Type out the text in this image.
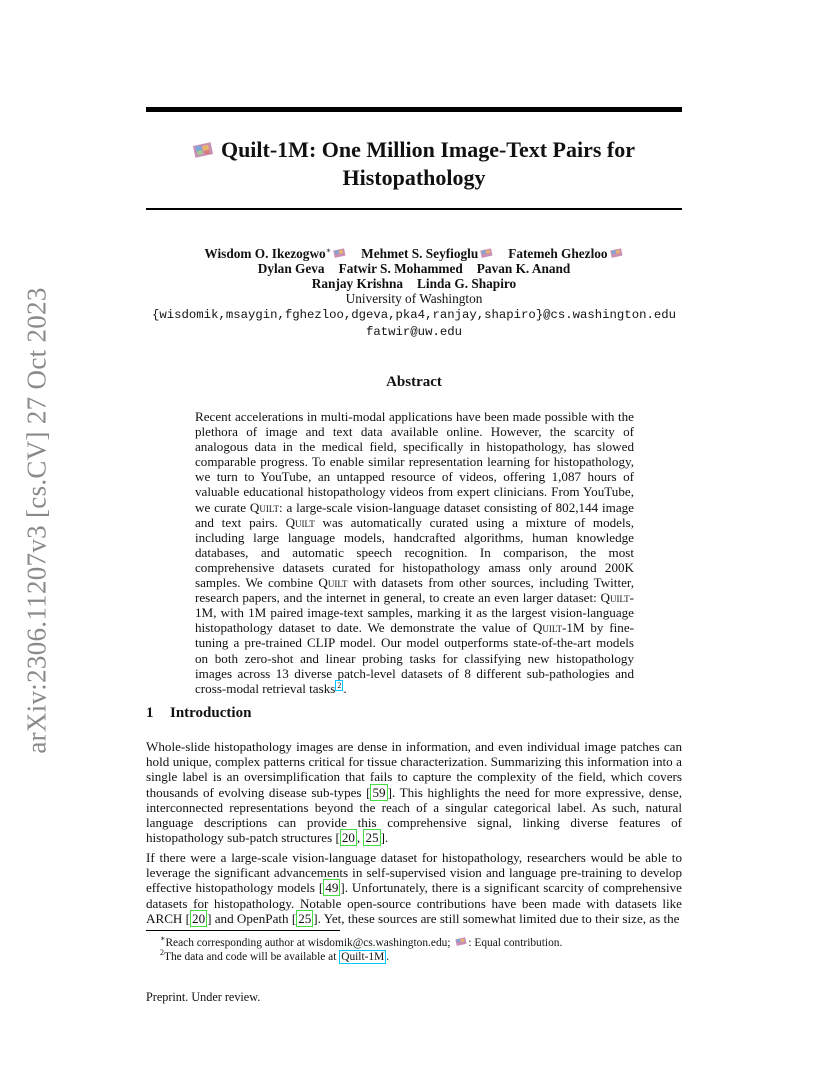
arXiv:2306.11207v3 [cs.CV] 27 Oct 2023
Quilt-1M: One Million Image-Text Pairs for
Histopathology
Wisdom O. Ikezogwo∗ Mehmet S. Seyfioglu Fatemeh Ghezloo
Dylan Geva Fatwir S. Mohammed Pavan K. Anand
Ranjay Krishna Linda G. Shapiro
University of Washington
{wisdomik,msaygin,fghezloo,dgeva,pka4,ranjay,shapiro}@cs.washington.edu
fatwir@uw.edu
Abstract
Recent accelerations in multi-modal applications have been made possible with the plethora of image and text data available online. However, the scarcity of analogous data in the medical field, specifically in histopathology, has slowed comparable progress. To enable similar representation learning for histopathology, we turn to YouTube, an untapped resource of videos, offering 1,087 hours of valuable educational histopathology videos from expert clinicians. From YouTube, we curate Quilt: a large-scale vision-language dataset consisting of 802,144 image and text pairs. Quilt was automatically curated using a mixture of models, including large language models, handcrafted algorithms, human knowledge databases, and automatic speech recognition. In comparison, the most comprehensive datasets curated for histopathology amass only around 200K samples. We combine Quilt with datasets from other sources, including Twitter, research papers, and the internet in general, to create an even larger dataset: Quilt-1M, with 1M paired image-text samples, marking it as the largest vision-language histopathology dataset to date. We demonstrate the value of Quilt-1M by fine-tuning a pre-trained CLIP model. Our model outperforms state-of-the-art models on both zero-shot and linear probing tasks for classifying new histopathology images across 13 diverse patch-level datasets of 8 different sub-pathologies and cross-modal retrieval tasks $^2$ .
1 Introduction
Whole-slide histopathology images are dense in information, and even individual image patches can hold unique, complex patterns critical for tissue characterization. Summarizing this information into a single label is an oversimplification that fails to capture the complexity of the field, which covers thousands of evolving disease sub-types [ 59 ]. This highlights the need for more expressive, dense, interconnected representations beyond the reach of a singular categorical label. As such, natural language descriptions can provide this comprehensive signal, linking diverse features of histopathology sub-patch structures [ 20 , 25 ].
If there were a large-scale vision-language dataset for histopathology, researchers would be able to leverage the significant advancements in self-supervised vision and language pre-training to develop effective histopathology models [ 49 ]. Unfortunately, there is a significant scarcity of comprehensive datasets for histopathology. Notable open-source contributions have been made with datasets like ARCH [ 20 ] and OpenPath [ 25 ]. Yet, these sources are still somewhat limited due to their size, as the
∗Reach corresponding author at wisdomik@cs.washington.edu; : Equal contribution.
$^2$The data and code will be available at Quilt-1M .
Preprint. Under review.
